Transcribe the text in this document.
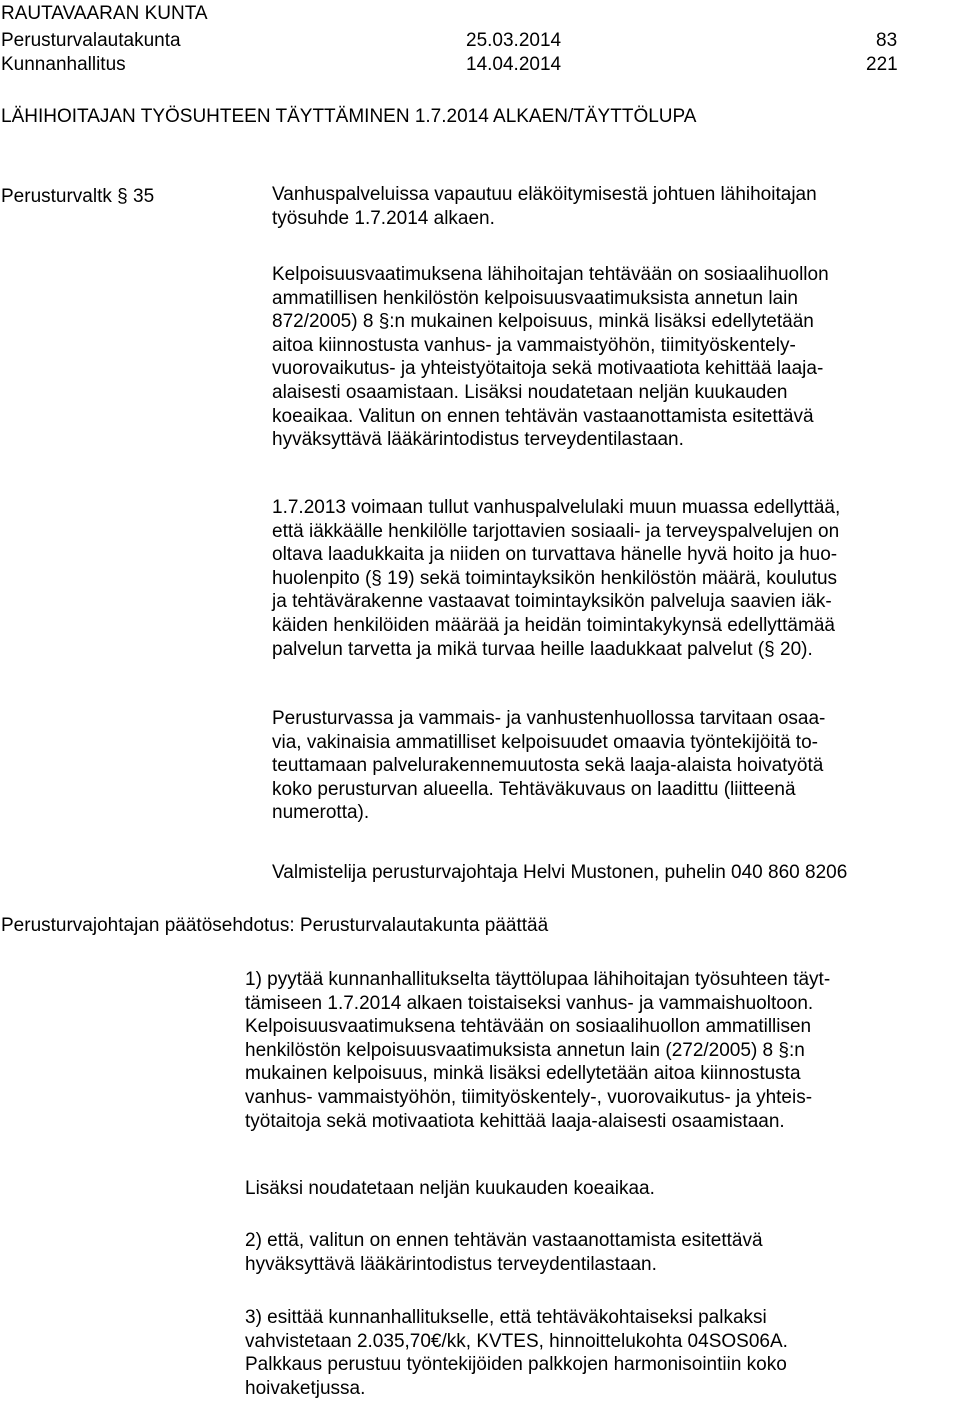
RAUTAVAARAN KUNTA
Perusturvalautakunta	25.03.2014	83
Kunnanhallitus	14.04.2014	221
LÄHIHOITAJAN TYÖSUHTEEN TÄYTTÄMINEN 1.7.2014 ALKAEN/TÄYTTÖLUPA
Perusturvaltk § 35	Vanhuspalveluissa vapautuu eläköitymisestä johtuen lähihoitajan
työsuhde 1.7.2014 alkaen.
Kelpoisuusvaatimuksena lähihoitajan tehtävään on sosiaalihuollon
ammatillisen henkilöstön kelpoisuusvaatimuksista annetun lain
872/2005) 8 §:n mukainen kelpoisuus, minkä lisäksi edellytetään
aitoa kiinnostusta vanhus- ja vammaistyöhön, tiimityöskentely-
vuorovaikutus- ja yhteistyötaitoja sekä motivaatiota kehittää laaja-
alaisesti osaamistaan. Lisäksi noudatetaan neljän kuukauden
koeaikaa. Valitun on ennen tehtävän vastaanottamista esitettävä
hyväksyttävä lääkärintodistus terveydentilastaan.
1.7.2013 voimaan tullut vanhuspalvelulaki muun muassa edellyttää,
että iäkkäälle henkilölle tarjottavien sosiaali- ja terveyspalvelujen on
oltava laadukkaita ja niiden on turvattava hänelle hyvä hoito ja huo-
huolenpito (§ 19) sekä toimintayksikön henkilöstön määrä, koulutus
ja tehtävärakenne vastaavat toimintayksikön palveluja saavien iäk-
käiden henkilöiden määrää ja heidän toimintakykynsä edellyttämää
palvelun tarvetta ja mikä turvaa heille laadukkaat palvelut (§ 20).
Perusturvassa ja vammais- ja vanhustenhuollossa tarvitaan osaa-
via, vakinaisia ammatilliset kelpoisuudet omaavia työntekijöitä to-
teuttamaan palvelurakennemuutosta sekä laaja-alaista hoivatyötä
koko perusturvan alueella. Tehtäväkuvaus on laadittu (liitteenä
numerotta).
Valmistelija perusturvajohtaja Helvi Mustonen, puhelin 040 860 8206
Perusturvajohtajan päätösehdotus: Perusturvalautakunta päättää
1) pyytää kunnanhallitukselta täyttölupaa lähihoitajan työsuhteen täyt-
tämiseen 1.7.2014 alkaen toistaiseksi vanhus- ja vammaishuoltoon.
Kelpoisuusvaatimuksena tehtävään on sosiaalihuollon ammatillisen
henkilöstön kelpoisuusvaatimuksista annetun lain (272/2005) 8 §:n
mukainen kelpoisuus, minkä lisäksi edellytetään aitoa kiinnostusta
vanhus- vammaistyöhön, tiimityöskentely-, vuorovaikutus- ja yhteis-
työtaitoja sekä motivaatiota kehittää laaja-alaisesti osaamistaan.
Lisäksi noudatetaan neljän kuukauden koeaikaa.
2) että, valitun on ennen tehtävän vastaanottamista esitettävä
hyväksyttävä lääkärintodistus terveydentilastaan.
3) esittää kunnanhallitukselle, että tehtäväkohtaiseksi palkaksi
vahvistetaan 2.035,70€/kk, KVTES, hinnoittelukohta 04SOS06A.
Palkkaus perustuu työntekijöiden palkkojen harmonisointiin koko
hoivaketjussa.
